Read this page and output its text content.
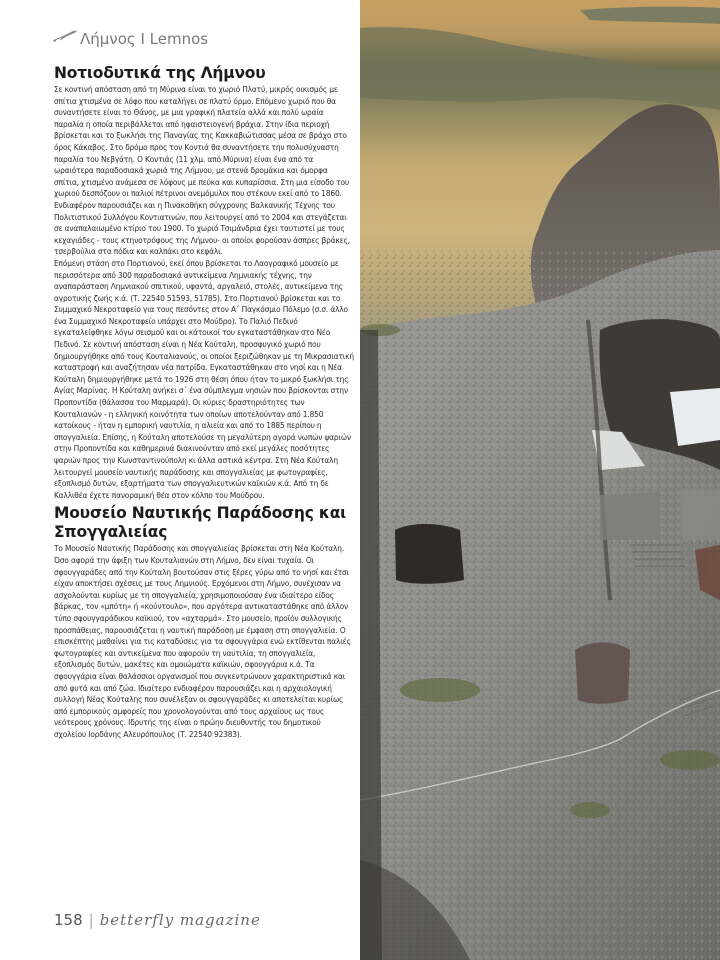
Λήμνος I Lemnos
Νοτιοδυτικά της Λήμνου

Σε κοντινή απόσταση από τη Μύρινα είναι το χωριό Πλατύ, μικρός οικισμός με σπίτια χτισμένα σε λόφο που καταλήγει σε πλατύ όρμο. Επόμενο χωριό που θα συναντήσετε είναι το Θάνος, με μια γραφική πλατεία αλλά και πολύ ωραία παραλία η οποία περιβάλλεται από ηφαιστειογενή βράχια. Στην ίδια περιοχή βρίσκεται και το ξωκλήσι της Παναγίας της Κακκαβιώτισσας μέσα σε βράχο στο όρος Κάκαβος. Στο δρόμο προς τον Κοντιά θα συναντήσετε την πολυσύχναστη παραλία του Νεβγάτη. Ο Κοντιάς (11 χλμ. από Μύρινα) είναι ένα από τα ωραιότερα παραδοσιακά χωριά της Λήμνου, με στενά δρομάκια και όμορφα σπίτια, χτισμένο ανάμεσα σε λόφους με πεύκα και κυπαρίσσια. Στη μια είσοδο του χωριού δεσπόζουν οι παλιοί πέτρινοι ανεμόμυλοι που στέκουν εκεί από το 1860. Ενδιαφέρον παρουσιάζει και η Πινακοθήκη σύγχρονης Βαλκανικής Τέχνης του Πολιτιστικού Συλλόγου Κοντιατινών, που λειτουργεί από το 2004 και στεγάζεται σε αναπαλαιωμένο κτίριο του 1900. Το χωριό Τσιμάνδρια έχει ταυτιστεί με τους κεχαγιάδες - τους κτηνοτρόφους της Λήμνου- οι οποίοι φορούσαν άσπρες βράκες, τσερβούλια στα πόδια και καλπάκι στο κεφάλι.

Επόμενη στάση στο Πορτιανού, εκεί όπου βρίσκεται το Λαογραφικό μουσείο με περισσότερα από 300 παραδοσιακά αντικείμενα Λημνιακής τέχνης, την αναπαράσταση Λημνιακού σπιτικού, υφαντά, αργαλειό, στολές, αντικείμενα της αγροτικής ζωής κ.ά. (Τ. 22540 51593, 51785). Στο Πορτιανού βρίσκεται και το Συμμαχικό Νεκροταφείο για τους πεσόντες στον Α΄ Παγκόσμιο Πόλεμο (σ.σ. άλλο ένα Συμμαχικό Νεκροταφείο υπάρχει στο Μούδρο). Το Παλιό Πεδινό εγκαταλείφθηκε λόγω σεισμού και οι κάτοικοί του εγκαταστάθηκαν στο Νέο Πεδινό. Σε κοντινή απόσταση είναι η Νέα Κούταλη, προσφυγικό χωριό που δημιουργήθηκε από τους Κουταλιανούς, οι οποίοι ξεριζώθηκαν με τη Μικρασιατική καταστροφή και αναζήτησαν νέα πατρίδα. Εγκαταστάθηκαν στο νησί και η Νέα Κούταλη δημιουργήθηκε μετά το 1926 στη θέση όπου ήταν το μικρό ξωκλήσι της Αγίας Μαρίνας. Η Κούταλη ανήκει σ΄ ένα σύμπλεγμα νησιών που βρίσκονται στην Προποντίδα (θάλασσα του Μαρμαρά). Οι κύριες δραστηριότητες των Κουταλιανών - η ελληνική κοινότητα των οποίων αποτελούνταν από 1.850 κατοίκους - ήταν η εμπορική ναυτιλία, η αλιεία και από το 1885 περίπου η σπογγαλιεία. Επίσης, η Κούταλη αποτελούσε τη μεγαλύτερη αγορά νωπών ψαριών στην Προποντίδα και καθημερινά διακινούνταν από εκεί μεγάλες ποσότητες ψαριών προς την Κωνσταντινούπολη κι άλλα αστικά κέντρα. Στη Νέα Κούταλη λειτουργεί μουσείο ναυτικής παράδοσης και σπογγαλιείας με φωτογραφίες, εξοπλισμό δυτών, εξαρτήματα των σπογγαλιευτικών καϊκιών κ.ά. Από τη δε Καλλιθέα έχετε πανοραμική θέα στον κόλπο του Μούδρου.

Μουσείο Ναυτικής Παράδοσης και Σπογγαλιείας

Το Μουσείο Ναυτικής Παράδοσης και σπογγαλιείας βρίσκεται στη Νέα Κούταλη. Όσο αφορά την άφιξη των Κουταλιανών στη Λήμνο, δεν είναι τυχαία. Οι σφουγγαράδες από την Κούταλη βουτούσαν στις ξέρες γύρω από το νησί και έτσι είχαν αποκτήσει σχέσεις με τους Λημνιούς. Ερχόμενοι στη Λήμνο, συνέχισαν να ασχολούνται κυρίως με τη σπογγαλιεία, χρησιμοποιούσαν ένα ιδιαίτερο είδος βάρκας, τον «μπότη» ή «κούντουλο», που αργότερα αντικαταστάθηκε από άλλον τύπο σφουγγαράδικου καϊκιού, τον «αχταρμά». Στο μουσείο, προϊόν συλλογικής προσπάθειας, παρουσιάζεται η ναυτική παράδοση με έμφαση στη σπογγαλιεία. Ο επισκέπτης μαθαίνει για τις καταδύσεις για τα σφουγγάρια ενώ εκτίθενται παλιές φωτογραφίες και αντικείμενα που αφορούν τη ναυτιλία, τη σπογγαλιεία, εξοπλισμός δυτών, μακέτες και ομοιώματα καϊκιών, σφουγγάρια κ.ά. Τα σφουγγάρια είναι θαλάσσιοι οργανισμοί που συγκεντρώνουν χαρακτηριστικά και από φυτά και από ζώα. Ιδιαίτερο ενδιαφέρον παρουσιάζει και η αρχαιολογική συλλογή Νέας Κούταλης που συνέλεξαν οι σφουγγαράδες κι αποτελείται κυρίως από εμπορικούς αμφορείς που χρονολογούνται από τους αρχαίους ως τους νεότερους χρόνους. Ιδρυτής της είναι ο πρώην διευθυντής του δημοτικού σχολείου Ιορδάνης Αλευρόπουλος (Τ. 22540 92383).

158 | betterfly magazine
